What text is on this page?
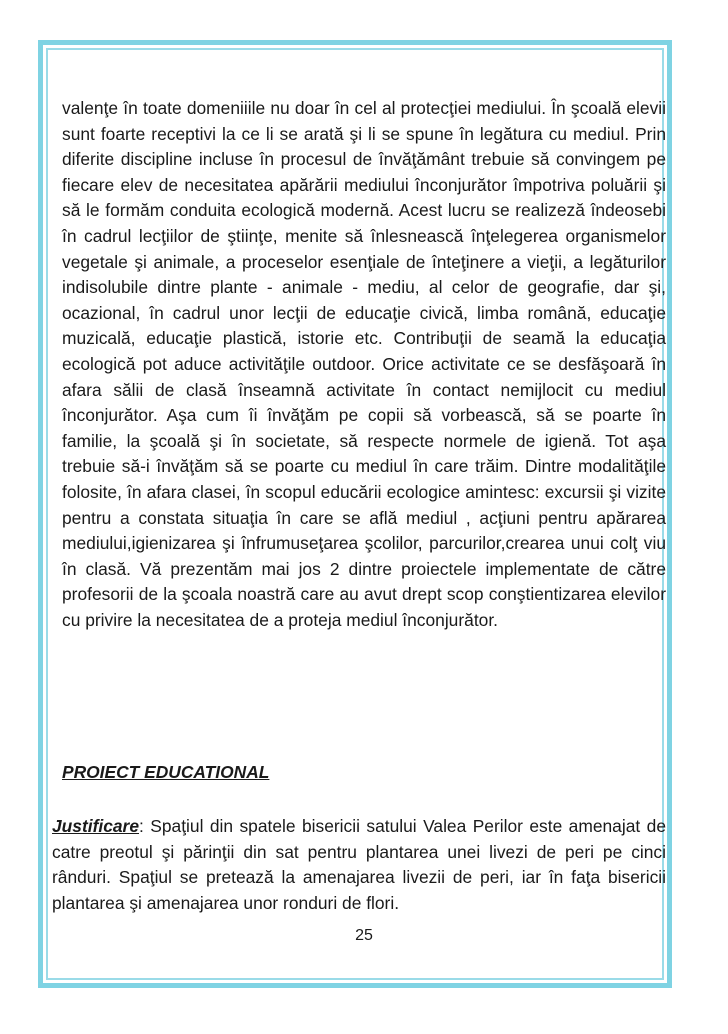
valenţe în toate domeniiile nu doar în cel al protecţiei mediului. În şcoală elevii sunt foarte receptivi la ce li se arată şi li se spune în legătura cu mediul. Prin diferite discipline incluse în procesul de învăţământ trebuie să convingem pe fiecare elev de necesitatea apărării mediului înconjurător împotriva poluării şi să le formăm conduita ecologică modernă. Acest lucru se realizeză îndeosebi în cadrul lecţiilor de ştiinţe, menite să înlesnească înţelegerea organismelor vegetale şi animale, a proceselor esenţiale de înteţinere a vieţii, a legăturilor indisolubile dintre plante - animale - mediu, al celor de geografie, dar şi, ocazional, în cadrul unor lecţii de educaţie civică, limba română, educaţie muzicală, educaţie plastică, istorie etc. Contribuţii de seamă la educaţia ecologică pot aduce activităţile outdoor. Orice activitate ce se desfăşoară în afara sălii de clasă înseamnă activitate în contact nemijlocit cu mediul înconjurător. Aşa cum îi învăţăm pe copii să vorbească, să se poarte în familie, la şcoală şi în societate, să respecte normele de igienă. Tot aşa trebuie să-i învăţăm să se poarte cu mediul în care trăim. Dintre modalităţile folosite, în afara clasei, în scopul educării ecologice amintesc: excursii şi vizite pentru a constata situaţia în care se află mediul , acţiuni pentru apărarea mediului,igienizarea şi înfrumuseţarea şcolilor, parcurilor,crearea unui colţ viu în clasă. Vă prezentăm mai jos 2 dintre proiectele implementate de către profesorii de la şcoala noastră care au avut drept scop conştientizarea elevilor cu privire la necesitatea de a proteja mediul înconjurător.

PROIECT EDUCATIONAL

Justificare: Spaţiul din spatele bisericii satului Valea Perilor este amenajat de catre preotul şi părinţii din sat pentru plantarea unei livezi de peri pe cinci rânduri. Spaţiul se pretează la amenajarea livezii de peri, iar în faţa bisericii plantarea şi amenajarea unor ronduri de flori.

25
